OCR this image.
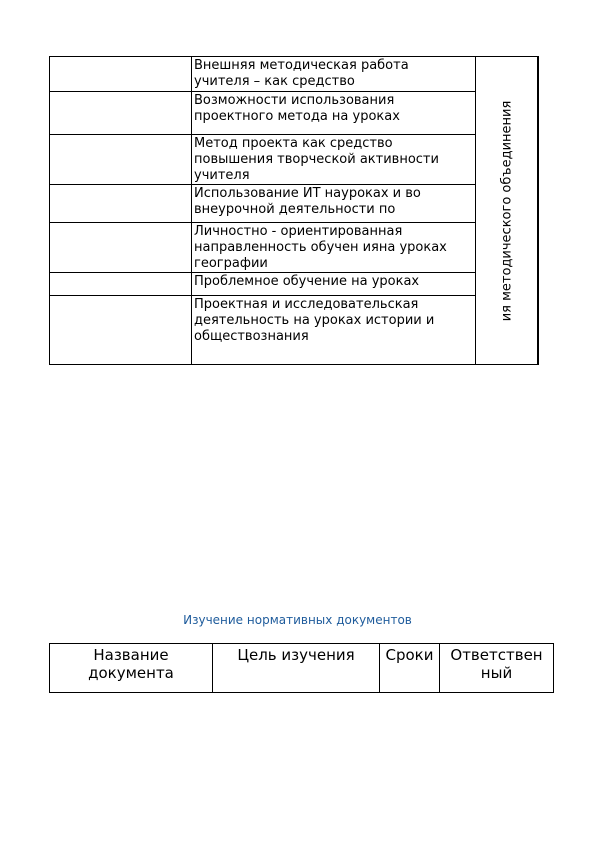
Внешняя методическая работа
учителя – как средство
Возможности использования
проектного метода на уроках
Метод проекта как средство
повышения творческой активности
учителя
Использование ИТ науроках и во
внеурочной деятельности по
Личностно - ориентированная
направленность обучен ияна уроках
географии
Проблемное обучение на уроках
Проектная и исследовательская
деятельность на уроках истории и
обществознания
ия методического объединения
Изучение нормативных документов
Название
документа
Цель изучения	Сроки	Ответствен
ный
